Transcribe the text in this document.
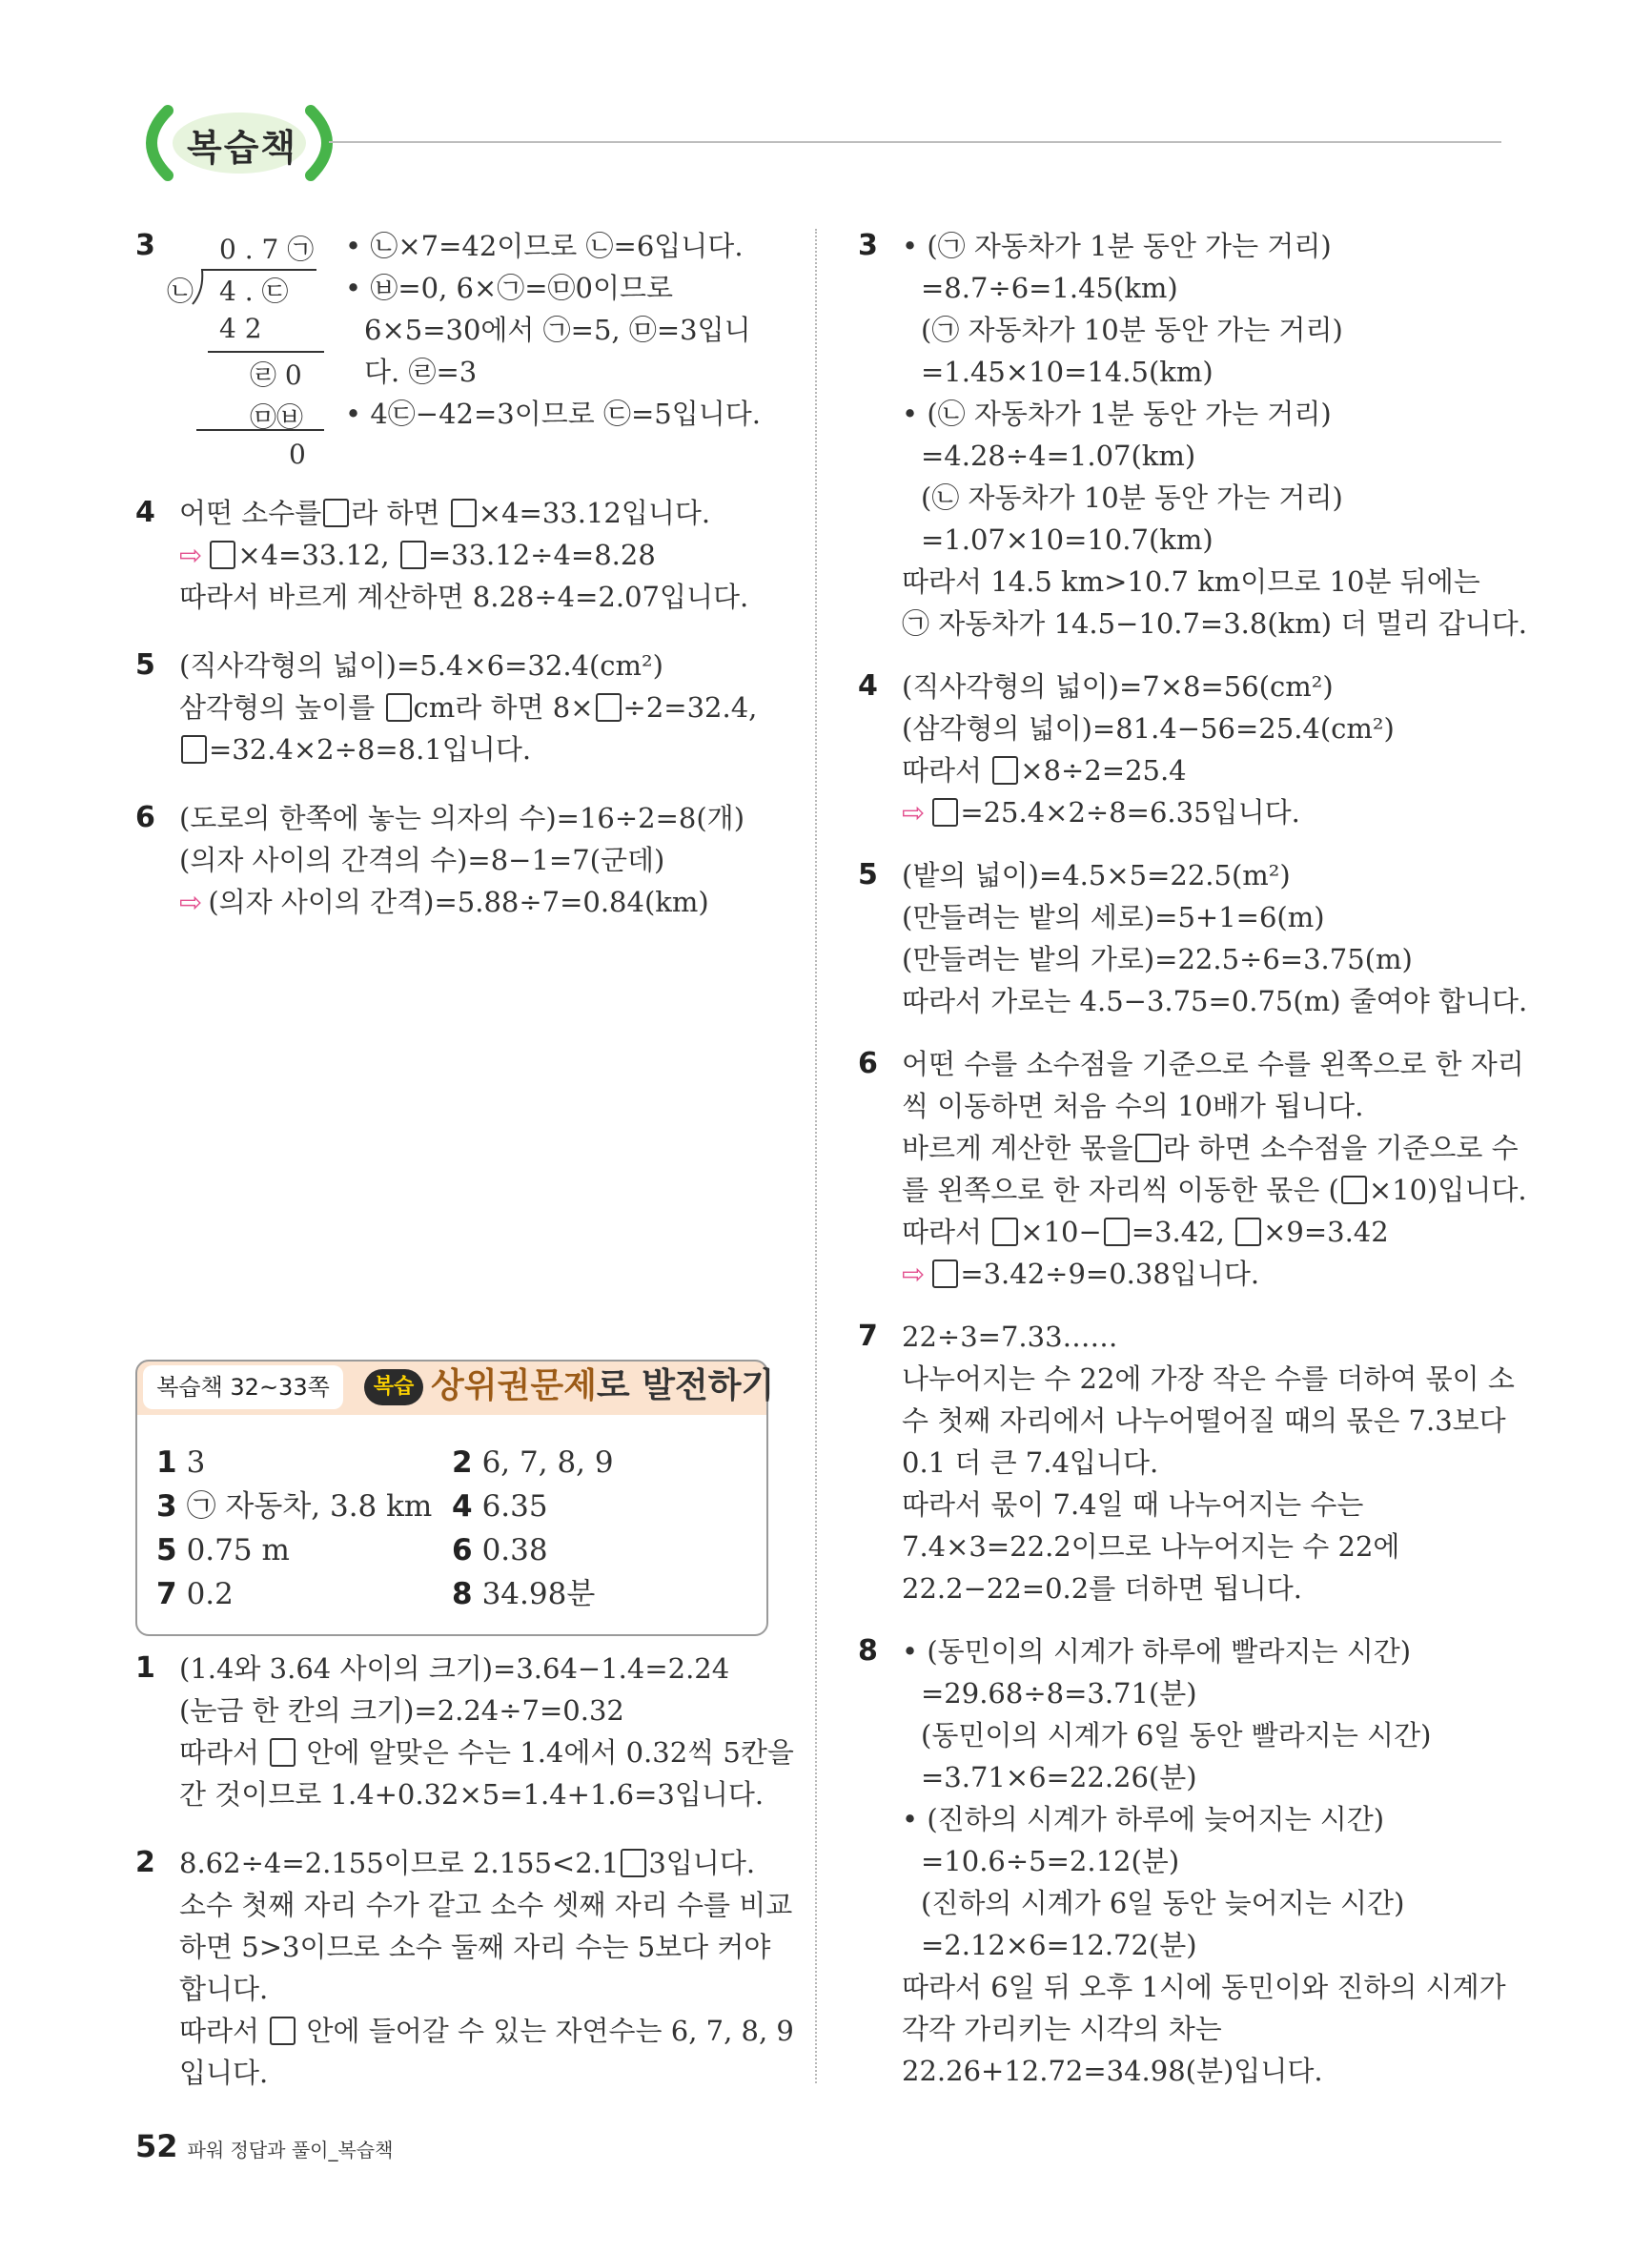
복습책
3 0 . 7 ㉠
㉡ 4 . ㉢
4 2
㉣ 0
㉤㉥
0
• ㉡×7=42이므로 ㉡=6입니다.
• ㉥=0, 6×㉠=㉤0이므로
6×5=30에서 ㉠=5, ㉤=3입니
다. ㉣=3
• 4㉢−42=3이므로 ㉢=5입니다.
4 어떤 소수를 라 하면 ×4=33.12입니다.
⇨ ×4=33.12, =33.12÷4=8.28
따라서 바르게 계산하면 8.28÷4=2.07입니다.
5 (직사각형의 넓이)=5.4×6=32.4(cm²)
삼각형의 높이를 cm라 하면 8× ÷2=32.4,
=32.4×2÷8=8.1입니다.
6 (도로의 한쪽에 놓는 의자의 수)=16÷2=8(개)
(의자 사이의 간격의 수)=8−1=7(군데)
⇨ (의자 사이의 간격)=5.88÷7=0.84(km)
복습책 32~33쪽	복습 상위권문제로 발전하기
1 3	2 6, 7, 8, 9
3 ㉠ 자동차, 3.8 km 4 6.35
5 0.75 m	6 0.38
7 0.2	8 34.98분
1 (1.4와 3.64 사이의 크기)=3.64−1.4=2.24
(눈금 한 칸의 크기)=2.24÷7=0.32
따라서 안에 알맞은 수는 1.4에서 0.32씩 5칸을
간 것이므로 1.4+0.32×5=1.4+1.6=3입니다.
2 8.62÷4=2.155이므로 2.155<2.1 3입니다.
소수 첫째 자리 수가 같고 소수 셋째 자리 수를 비교
하면 5>3이므로 소수 둘째 자리 수는 5보다 커야
합니다.
따라서 안에 들어갈 수 있는 자연수는 6, 7, 8, 9
입니다.
3 • (㉠ 자동차가 1분 동안 가는 거리)
=8.7÷6=1.45(km)
(㉠ 자동차가 10분 동안 가는 거리)
=1.45×10=14.5(km)
• (㉡ 자동차가 1분 동안 가는 거리)
=4.28÷4=1.07(km)
(㉡ 자동차가 10분 동안 가는 거리)
=1.07×10=10.7(km)
따라서 14.5 km>10.7 km이므로 10분 뒤에는
㉠ 자동차가 14.5−10.7=3.8(km) 더 멀리 갑니다.
4 (직사각형의 넓이)=7×8=56(cm²)
(삼각형의 넓이)=81.4−56=25.4(cm²)
따라서 ×8÷2=25.4
⇨ =25.4×2÷8=6.35입니다.
5 (밭의 넓이)=4.5×5=22.5(m²)
(만들려는 밭의 세로)=5+1=6(m)
(만들려는 밭의 가로)=22.5÷6=3.75(m)
따라서 가로는 4.5−3.75=0.75(m) 줄여야 합니다.
6 어떤 수를 소수점을 기준으로 수를 왼쪽으로 한 자리
씩 이동하면 처음 수의 10배가 됩니다.
바르게 계산한 몫을 라 하면 소수점을 기준으로 수
를 왼쪽으로 한 자리씩 이동한 몫은 ( ×10)입니다.
따라서 ×10− =3.42, ×9=3.42
⇨ =3.42÷9=0.38입니다.
7 22÷3=7.33……
나누어지는 수 22에 가장 작은 수를 더하여 몫이 소
수 첫째 자리에서 나누어떨어질 때의 몫은 7.3보다
0.1 더 큰 7.4입니다.
따라서 몫이 7.4일 때 나누어지는 수는
7.4×3=22.2이므로 나누어지는 수 22에
22.2−22=0.2를 더하면 됩니다.
8 • (동민이의 시계가 하루에 빨라지는 시간)
=29.68÷8=3.71(분)
(동민이의 시계가 6일 동안 빨라지는 시간)
=3.71×6=22.26(분)
• (진하의 시계가 하루에 늦어지는 시간)
=10.6÷5=2.12(분)
(진하의 시계가 6일 동안 늦어지는 시간)
=2.12×6=12.72(분)
따라서 6일 뒤 오후 1시에 동민이와 진하의 시계가
각각 가리키는 시각의 차는
22.26+12.72=34.98(분)입니다.
52 파워 정답과 풀이_복습책
